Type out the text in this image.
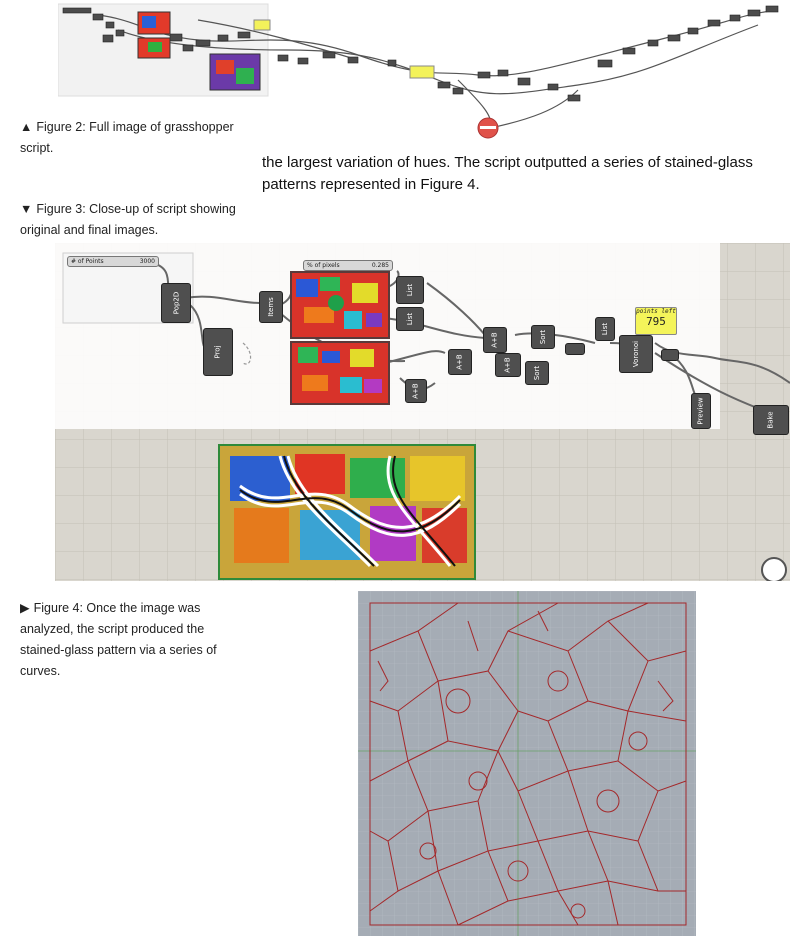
▲ Figure 2: Full image of grasshopper
script.
the largest variation of hues. The script outputted a series of stained-glass
patterns represented in Figure 4.
▼ Figure 3: Close-up of script showing
original and final images.
# of Points	3000
% of pixels	0.285
Pop2D	Items
Proj
List
List
A+B
A+B
A+B
A+B
Sort
Sort
List
points left
795
Voronoi
Preview	Bake
▶ Figure 4: Once the image was
analyzed, the script produced the
stained-glass pattern via a series of
curves.
